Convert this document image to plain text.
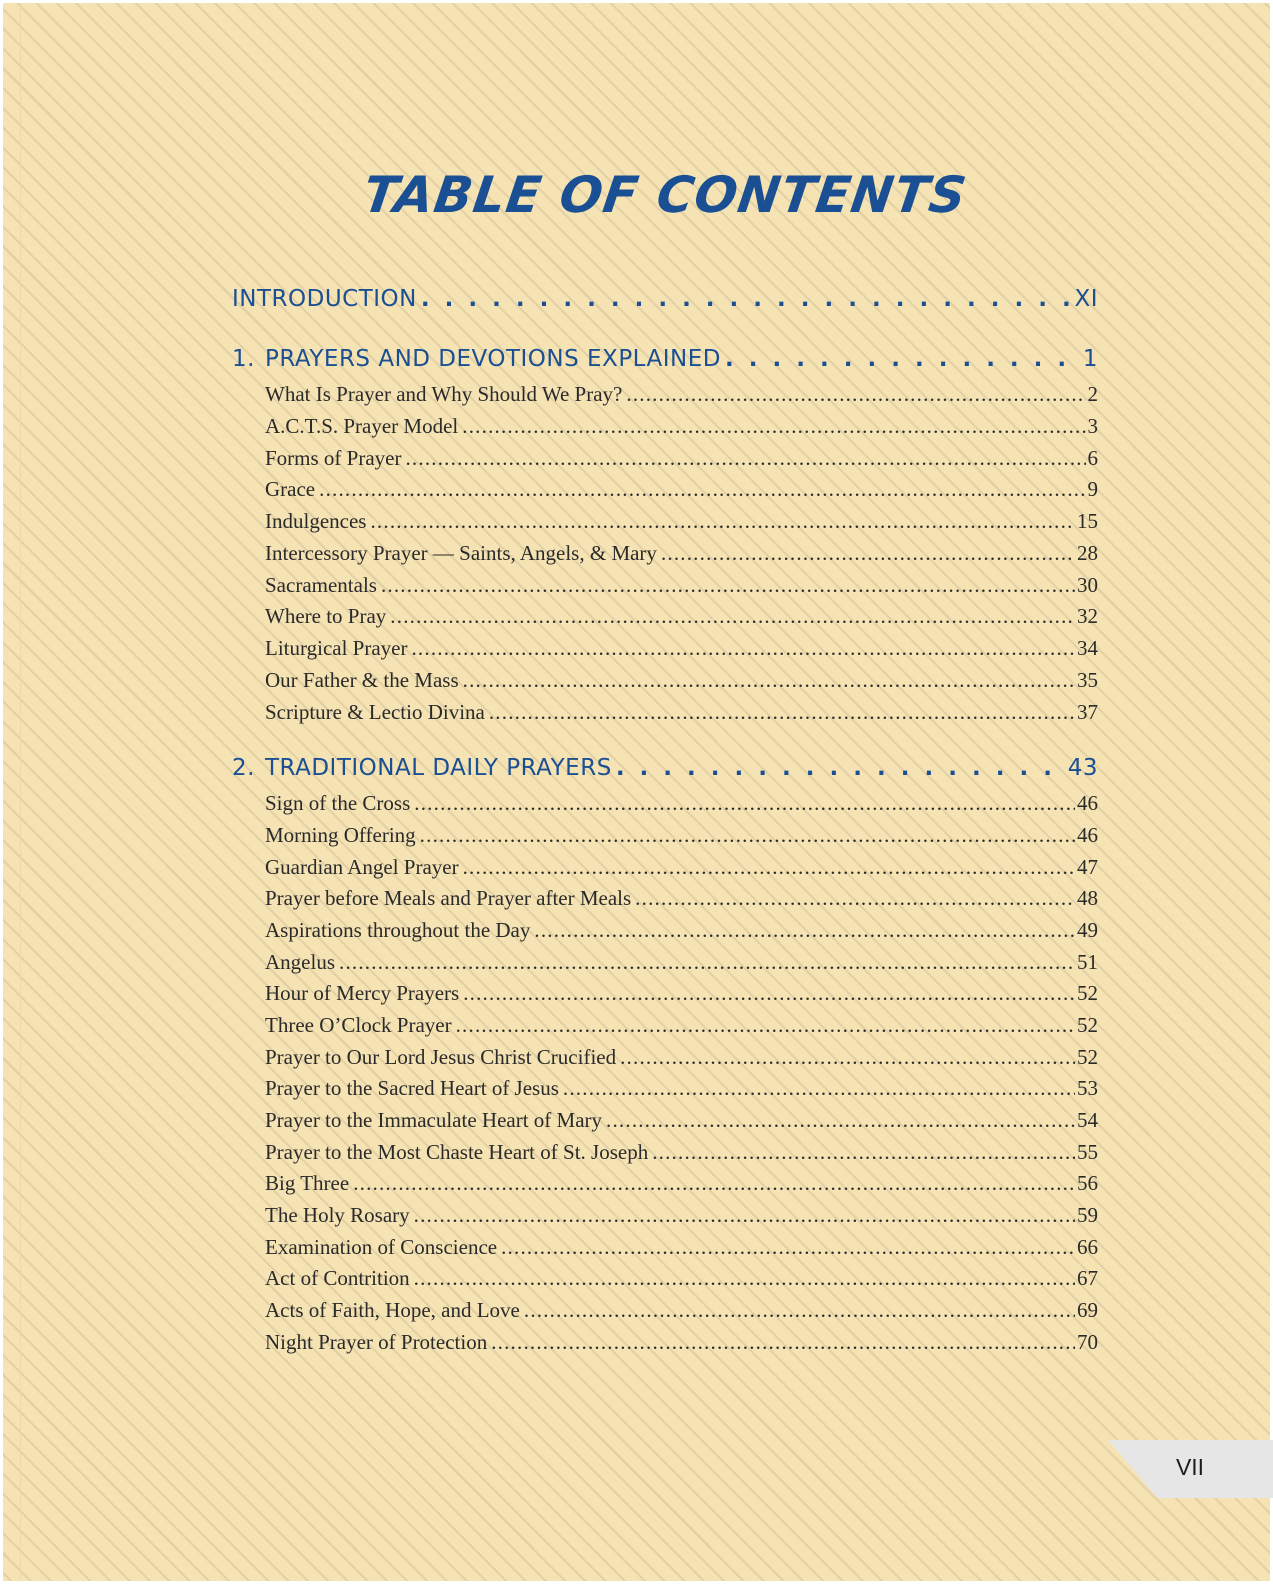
TABLE OF CONTENTS
INTRODUCTION . . .	XI
1. PRAYERS AND DEVOTIONS EXPLAINED . . .	1
What Is Prayer and Why Should We Pray? .....	2
A.C.T.S. Prayer Model .....	3
Forms of Prayer .....	6
Grace .....	9
Indulgences .....	15
Intercessory Prayer — Saints, Angels, & Mary .....	28
Sacramentals .....	30
Where to Pray .....	32
Liturgical Prayer .....	34
Our Father & the Mass .....	35
Scripture & Lectio Divina .....	37
2. TRADITIONAL DAILY PRAYERS . . .	43
Sign of the Cross .....	46
Morning Offering .....	46
Guardian Angel Prayer .....	47
Prayer before Meals and Prayer after Meals .....	48
Aspirations throughout the Day .....	49
Angelus .....	51
Hour of Mercy Prayers .....	52
Three O’Clock Prayer .....	52
Prayer to Our Lord Jesus Christ Crucified .....	52
Prayer to the Sacred Heart of Jesus .....	53
Prayer to the Immaculate Heart of Mary .....	54
Prayer to the Most Chaste Heart of St. Joseph .....	55
Big Three .....	56
The Holy Rosary .....	59
Examination of Conscience .....	66
Act of Contrition .....	67
Acts of Faith, Hope, and Love .....	69
Night Prayer of Protection .....	70
VII
